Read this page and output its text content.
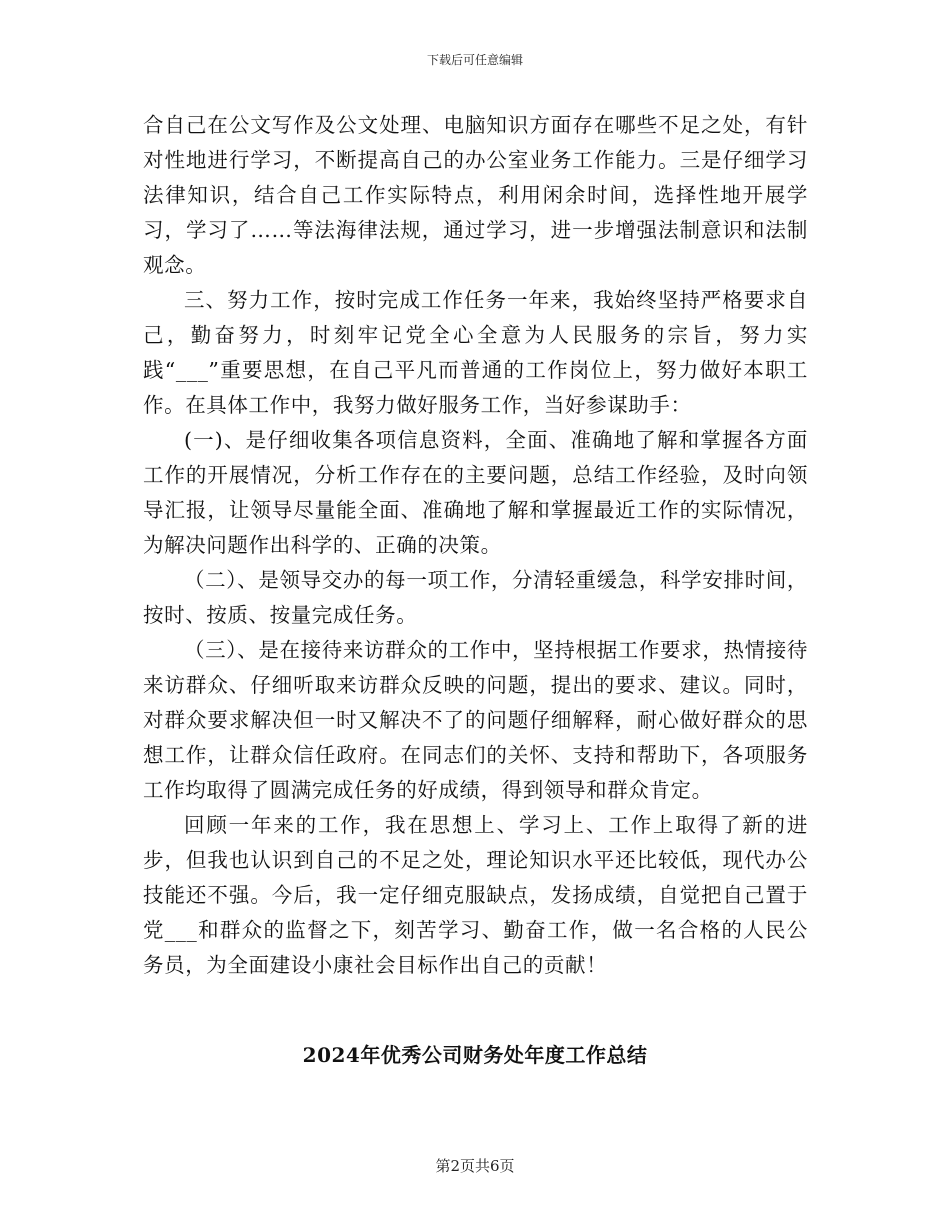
下载后可任意编辑

合自己在公文写作及公文处理、电脑知识方面存在哪些不足之处，有针对性地进行学习，不断提高自己的办公室业务工作能力。三是仔细学习法律知识，结合自己工作实际特点，利用闲余时间，选择性地开展学习，学习了……等法海律法规，通过学习，进一步增强法制意识和法制观念。

三、努力工作，按时完成工作任务一年来，我始终坚持严格要求自己，勤奋努力，时刻牢记党全心全意为人民服务的宗旨，努力实践“___”重要思想，在自己平凡而普通的工作岗位上，努力做好本职工作。在具体工作中，我努力做好服务工作，当好参谋助手：

(一)、是仔细收集各项信息资料，全面、准确地了解和掌握各方面工作的开展情况，分析工作存在的主要问题，总结工作经验，及时向领导汇报，让领导尽量能全面、准确地了解和掌握最近工作的实际情况，为解决问题作出科学的、正确的决策。

（二）、是领导交办的每一项工作，分清轻重缓急，科学安排时间，按时、按质、按量完成任务。

（三）、是在接待来访群众的工作中，坚持根据工作要求，热情接待来访群众、仔细听取来访群众反映的问题，提出的要求、建议。同时，对群众要求解决但一时又解决不了的问题仔细解释，耐心做好群众的思想工作，让群众信任政府。在同志们的关怀、支持和帮助下，各项服务工作均取得了圆满完成任务的好成绩，得到领导和群众肯定。

回顾一年来的工作，我在思想上、学习上、工作上取得了新的进步，但我也认识到自己的不足之处，理论知识水平还比较低，现代办公技能还不强。今后，我一定仔细克服缺点，发扬成绩，自觉把自己置于党___和群众的监督之下，刻苦学习、勤奋工作，做一名合格的人民公务员，为全面建设小康社会目标作出自己的贡献！

2024年优秀公司财务处年度工作总结
第2页共6页
